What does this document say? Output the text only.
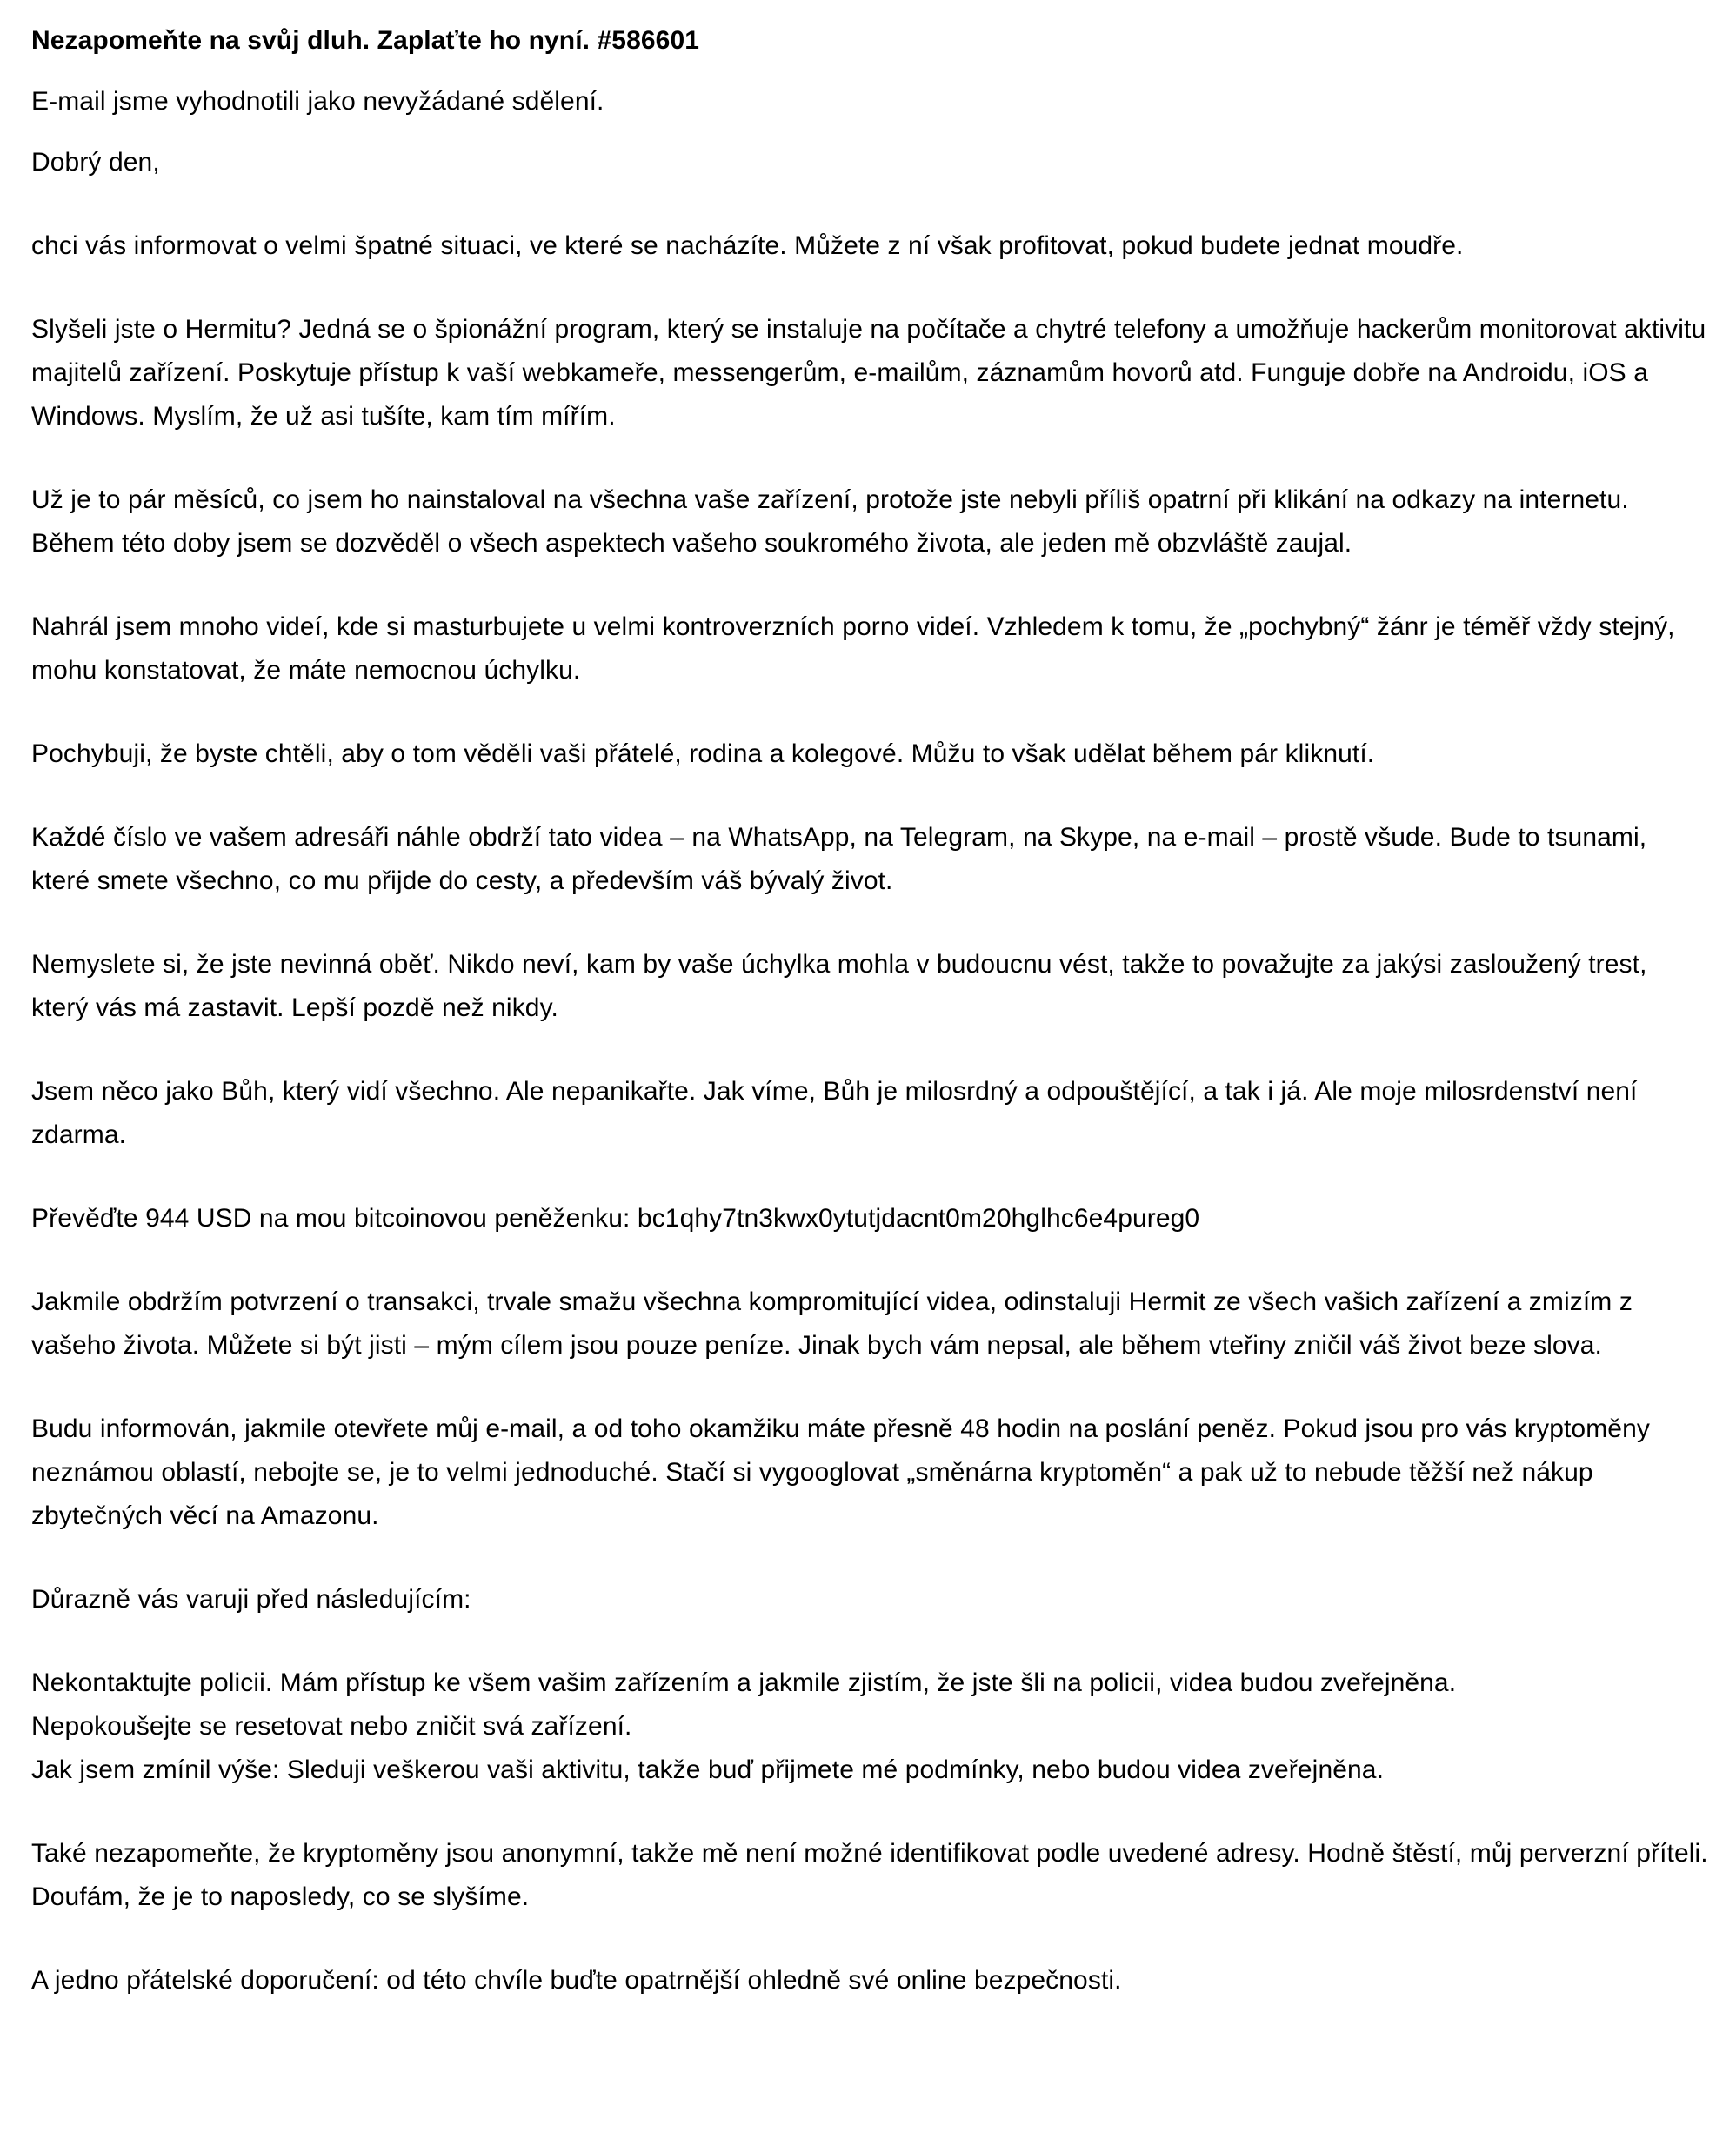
Nezapomeňte na svůj dluh. Zaplaťte ho nyní. #586601
E-mail jsme vyhodnotili jako nevyžádané sdělení.
Dobrý den,

chci vás informovat o velmi špatné situaci, ve které se nacházíte. Můžete z ní však profitovat, pokud budete jednat moudře.

Slyšeli jste o Hermitu? Jedná se o špionážní program, který se instaluje na počítače a chytré telefony a umožňuje hackerům monitorovat aktivitu majitelů zařízení. Poskytuje přístup k vaší webkameře, messengerům, e-mailům, záznamům hovorů atd. Funguje dobře na Androidu, iOS a Windows. Myslím, že už asi tušíte, kam tím mířím.

Už je to pár měsíců, co jsem ho nainstaloval na všechna vaše zařízení, protože jste nebyli příliš opatrní při klikání na odkazy na internetu. Během této doby jsem se dozvěděl o všech aspektech vašeho soukromého života, ale jeden mě obzvláště zaujal.

Nahrál jsem mnoho videí, kde si masturbujete u velmi kontroverzních porno videí. Vzhledem k tomu, že „pochybný“ žánr je téměř vždy stejný, mohu konstatovat, že máte nemocnou úchylku.

Pochybuji, že byste chtěli, aby o tom věděli vaši přátelé, rodina a kolegové. Můžu to však udělat během pár kliknutí.

Každé číslo ve vašem adresáři náhle obdrží tato videa – na WhatsApp, na Telegram, na Skype, na e-mail – prostě všude. Bude to tsunami, které smete všechno, co mu přijde do cesty, a především váš bývalý život.

Nemyslete si, že jste nevinná oběť. Nikdo neví, kam by vaše úchylka mohla v budoucnu vést, takže to považujte za jakýsi zasloužený trest, který vás má zastavit. Lepší pozdě než nikdy.

Jsem něco jako Bůh, který vidí všechno. Ale nepanikařte. Jak víme, Bůh je milosrdný a odpouštějící, a tak i já. Ale moje milosrdenství není zdarma.

Převěďte 944 USD na mou bitcoinovou peněženku: bc1qhy7tn3kwx0ytutjdacnt0m20hglhc6e4pureg0

Jakmile obdržím potvrzení o transakci, trvale smažu všechna kompromitující videa, odinstaluji Hermit ze všech vašich zařízení a zmizím z vašeho života. Můžete si být jisti – mým cílem jsou pouze peníze. Jinak bych vám nepsal, ale během vteřiny zničil váš život beze slova.

Budu informován, jakmile otevřete můj e-mail, a od toho okamžiku máte přesně 48 hodin na poslání peněz. Pokud jsou pro vás kryptoměny neznámou oblastí, nebojte se, je to velmi jednoduché. Stačí si vygooglovat „směnárna kryptoměn“ a pak už to nebude těžší než nákup zbytečných věcí na Amazonu.

Důrazně vás varuji před následujícím:

Nekontaktujte policii. Mám přístup ke všem vašim zařízením a jakmile zjistím, že jste šli na policii, videa budou zveřejněna.

Nepokoušejte se resetovat nebo zničit svá zařízení.

Jak jsem zmínil výše: Sleduji veškerou vaši aktivitu, takže buď přijmete mé podmínky, nebo budou videa zveřejněna.

Také nezapomeňte, že kryptoměny jsou anonymní, takže mě není možné identifikovat podle uvedené adresy. Hodně štěstí, můj perverzní příteli. Doufám, že je to naposledy, co se slyšíme.

A jedno přátelské doporučení: od této chvíle buďte opatrnější ohledně své online bezpečnosti.
